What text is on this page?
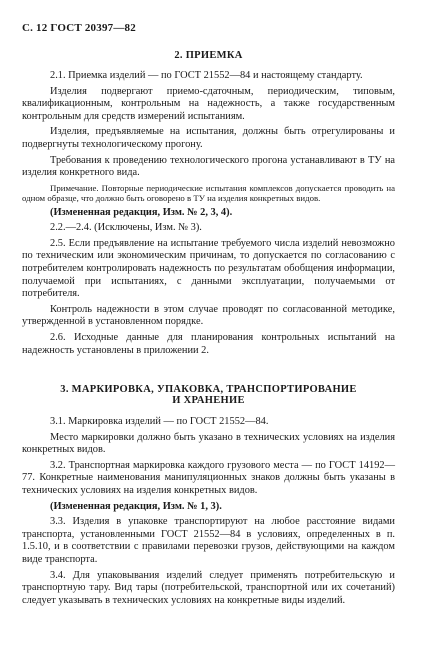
С. 12 ГОСТ 20397—82
2. ПРИЕМКА

2.1. Приемка изделий — по ГОСТ 21552—84 и настоящему стандарту.

Изделия подвергают приемо-сдаточным, периодическим, типовым, квалификационным, контрольным на надежность, а также государственным контрольным для средств измерений испытаниям.

Изделия, предъявляемые на испытания, должны быть отрегулированы и подвергнуты технологическому прогону.

Требования к проведению технологического прогона устанавливают в ТУ на изделия конкретного вида.

Примечание. Повторные периодические испытания комплексов допускается проводить на одном образце, что должно быть оговорено в ТУ на изделия конкретных видов.

(Измененная редакция, Изм. № 2, 3, 4).

2.2.—2.4. (Исключены, Изм. № 3).

2.5. Если предъявление на испытание требуемого числа изделий невозможно по техническим или экономическим причинам, то допускается по согласованию с потребителем контролировать надежность по результатам обобщения информации, получаемой при испытаниях, с данными эксплуатации, получаемыми от потребителя.

Контроль надежности в этом случае проводят по согласованной методике, утвержденной в установленном порядке.

2.6. Исходные данные для планирования контрольных испытаний на надежность установлены в приложении 2.

3. МАРКИРОВКА, УПАКОВКА, ТРАНСПОРТИРОВАНИЕ
И ХРАНЕНИЕ

3.1. Маркировка изделий — по ГОСТ 21552—84.

Место маркировки должно быть указано в технических условиях на изделия конкретных видов.

3.2. Транспортная маркировка каждого грузового места — по ГОСТ 14192—77. Конкретные наименования манипуляционных знаков должны быть указаны в технических условиях на изделия конкретных видов.

(Измененная редакция, Изм. № 1, 3).

3.3. Изделия в упаковке транспортируют на любое расстояние видами транспорта, установленными ГОСТ 21552—84 в условиях, определенных в п. 1.5.10, и в соответствии с правилами перевозки грузов, действующими на каждом виде транспорта.

3.4. Для упаковывания изделий следует применять потребительскую и транспортную тару. Вид тары (потребительской, транспортной или их сочетаний) следует указывать в технических условиях на конкретные виды изделий.
